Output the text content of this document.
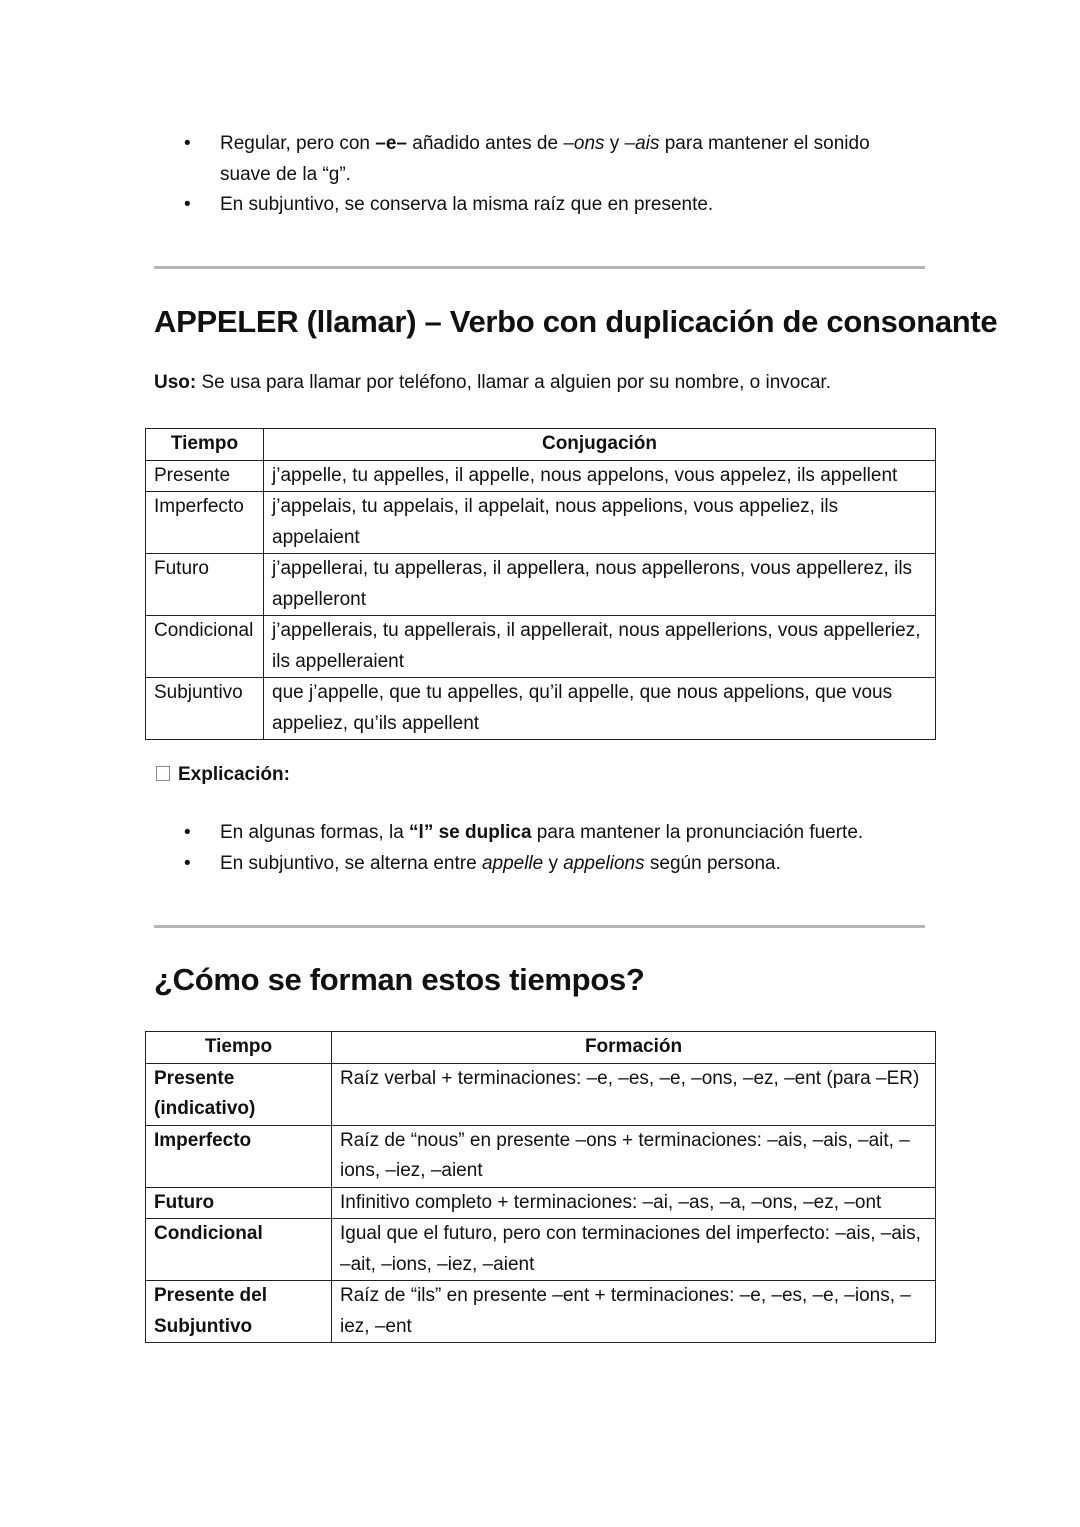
• Regular, pero con –e– añadido antes de –ons y –ais para mantener el sonido suave de la “g”.
• En subjuntivo, se conserva la misma raíz que en presente.
APPELER (llamar) – Verbo con duplicación de consonante
Uso: Se usa para llamar por teléfono, llamar a alguien por su nombre, o invocar.
Tiempo	Conjugación
Presente	j’appelle, tu appelles, il appelle, nous appelons, vous appelez, ils appellent
Imperfecto	j’appelais, tu appelais, il appelait, nous appelions, vous appeliez, ils appelaient
Futuro	j’appellerai, tu appelleras, il appellera, nous appellerons, vous appellerez, ils appelleront
Condicional	j’appellerais, tu appellerais, il appellerait, nous appellerions, vous appelleriez, ils appelleraient
Subjuntivo	que j’appelle, que tu appelles, qu’il appelle, que nous appelions, que vous appeliez, qu’ils appellent
Explicación:
• En algunas formas, la “l” se duplica para mantener la pronunciación fuerte.
• En subjuntivo, se alterna entre appelle y appelions según persona.
¿Cómo se forman estos tiempos?
Tiempo	Formación
Presente (indicativo)	Raíz verbal + terminaciones: –e, –es, –e, –ons, –ez, –ent (para –ER)
Imperfecto	Raíz de “nous” en presente –ons + terminaciones: –ais, –ais, –ait, –ions, –iez, –aient
Futuro	Infinitivo completo + terminaciones: –ai, –as, –a, –ons, –ez, –ont
Condicional	Igual que el futuro, pero con terminaciones del imperfecto: –ais, –ais, –ait, –ions, –iez, –aient
Presente del Subjuntivo	Raíz de “ils” en presente –ent + terminaciones: –e, –es, –e, –ions, –iez, –ent
